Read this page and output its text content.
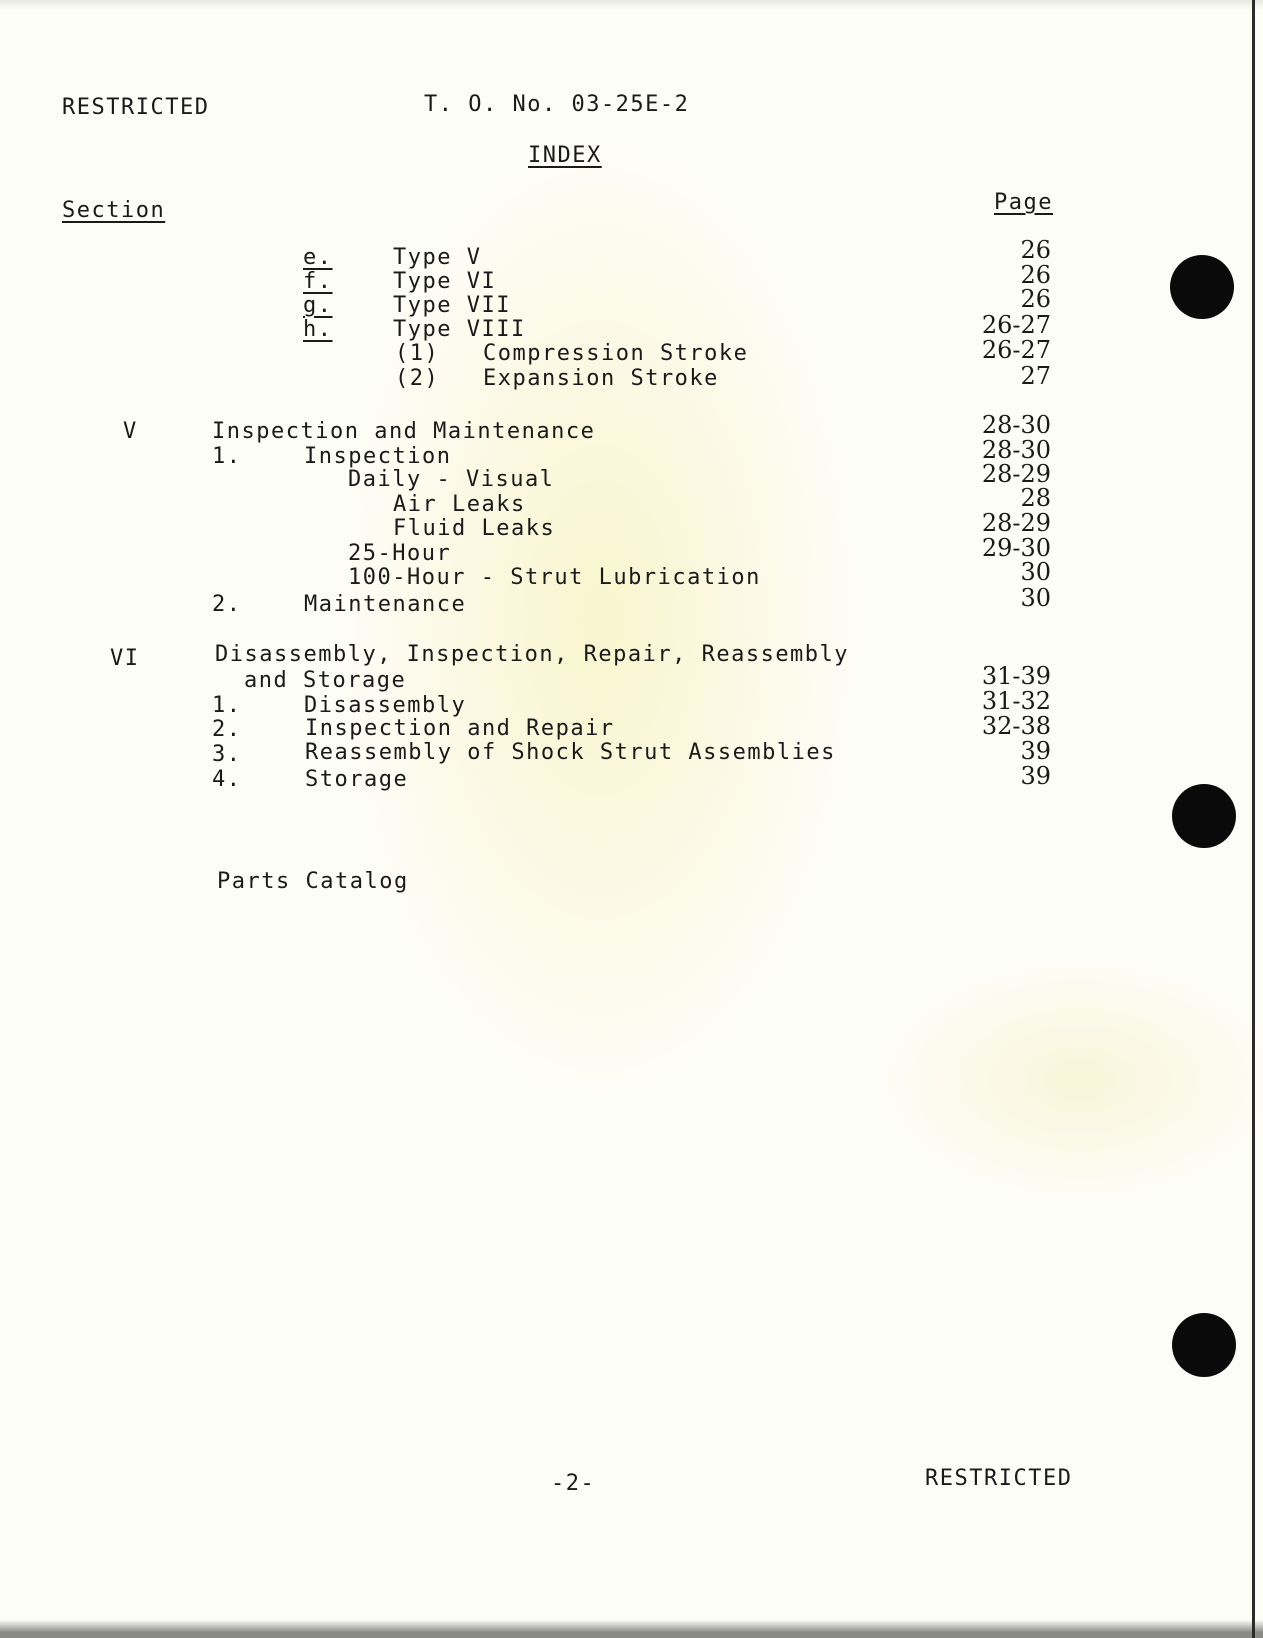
RESTRICTED	T. O. No. 03-25E-2
INDEX
Section	Page
e.	Type V	26
f.	Type VI	26
g.	Type VII	26
h.	Type VIII	26-27
(1) Compression Stroke	26-27
(2) Expansion Stroke	27
V	Inspection and Maintenance	28-30
1.	Inspection	28-30
Daily - Visual	28-29
Air Leaks	28
Fluid Leaks	28-29
25-Hour	29-30
100-Hour - Strut Lubrication	30
2.	Maintenance	30
VI	Disassembly, Inspection, Repair, Reassembly
and Storage	31-39
1.	Disassembly	31-32
2.	Inspection and Repair	32-38
3.	Reassembly of Shock Strut Assemblies	39
4.	Storage	39
Parts Catalog
-2-	RESTRICTED
